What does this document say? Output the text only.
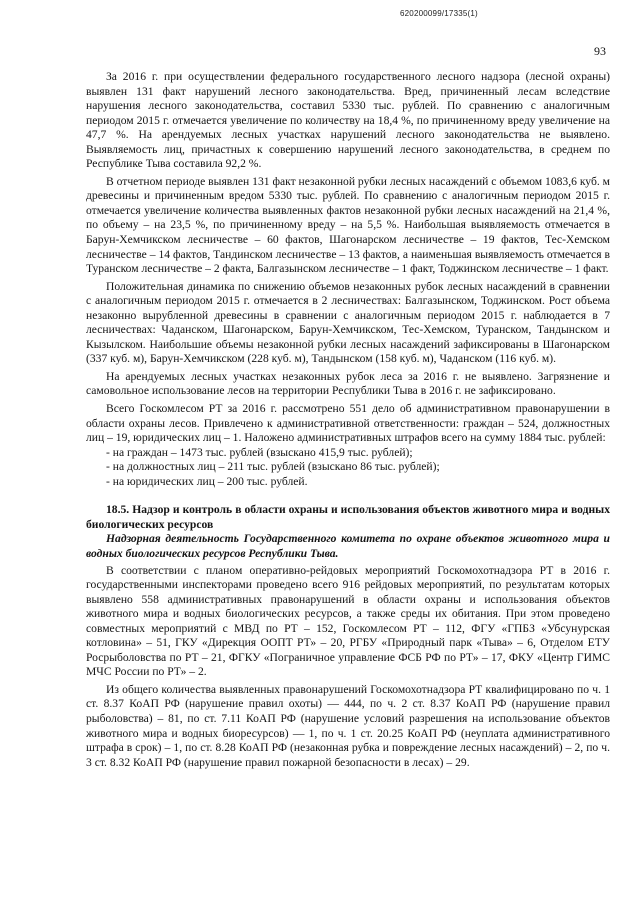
620200099/17335(1)
93

За 2016 г. при осуществлении федерального государственного лесного надзора (лесной охраны) выявлен 131 факт нарушений лесного законодательства. Вред, причиненный лесам вследствие нарушения лесного законодательства, составил 5330 тыс. рублей. По сравнению с аналогичным периодом 2015 г. отмечается увеличение по количеству на 18,4 %, по причиненному вреду увеличение на 47,7 %. На арендуемых лесных участках нарушений лесного законодательства не выявлено. Выявляемость лиц, причастных к совершению нарушений лесного законодательства, в среднем по Республике Тыва составила 92,2 %.

В отчетном периоде выявлен 131 факт незаконной рубки лесных насаждений с объемом 1083,6 куб. м древесины и причиненным вредом 5330 тыс. рублей. По сравнению с аналогичным периодом 2015 г. отмечается увеличение количества выявленных фактов незаконной рубки лесных насаждений на 21,4 %, по объему – на 23,5 %, по причиненному вреду – на 5,5 %. Наибольшая выявляемость отмечается в Барун-Хемчикском лесничестве – 60 фактов, Шагонарском лесничестве – 19 фактов, Тес-Хемском лесничестве – 14 фактов, Тандинском лесничестве – 13 фактов, а наименьшая выявляемость отмечается в Туранском лесничестве – 2 факта, Балгазынском лесничестве – 1 факт, Тоджинском лесничестве – 1 факт.

Положительная динамика по снижению объемов незаконных рубок лесных насаждений в сравнении с аналогичным периодом 2015 г. отмечается в 2 лесничествах: Балгазынском, Тоджинском. Рост объема незаконно вырубленной древесины в сравнении с аналогичным периодом 2015 г. наблюдается в 7 лесничествах: Чаданском, Шагонарском, Барун-Хемчикском, Тес-Хемском, Туранском, Тандынском и Кызылском. Наибольшие объемы незаконной рубки лесных насаждений зафиксированы в Шагонарском (337 куб. м), Барун-Хемчикском (228 куб. м), Тандынском (158 куб. м), Чаданском (116 куб. м).

На арендуемых лесных участках незаконных рубок леса за 2016 г. не выявлено. Загрязнение и самовольное использование лесов на территории Республики Тыва в 2016 г. не зафиксировано.

Всего Госкомлесом РТ за 2016 г. рассмотрено 551 дело об административном правонарушении в области охраны лесов. Привлечено к административной ответственности: граждан – 524, должностных лиц – 19, юридических лиц – 1. Наложено административных штрафов всего на сумму 1884 тыс. рублей:

- на граждан – 1473 тыс. рублей (взыскано 415,9 тыс. рублей);
- на должностных лиц – 211 тыс. рублей (взыскано 86 тыс. рублей);
- на юридических лиц – 200 тыс. рублей.
18.5. Надзор и контроль в области охраны и использования объектов животного мира и водных биологических ресурсов
Надзорная деятельность Государственного комитета по охране объектов животного мира и водных биологических ресурсов Республики Тыва.

В соответствии с планом оперативно-рейдовых мероприятий Госкомохотнадзора РТ в 2016 г. государственными инспекторами проведено всего 916 рейдовых мероприятий, по результатам которых выявлено 558 административных правонарушений в области охраны и использования объектов животного мира и водных биологических ресурсов, а также среды их обитания. При этом проведено совместных мероприятий с МВД по РТ – 152, Госкомлесом РТ – 112, ФГУ «ГПБЗ «Убсунурская котловина» – 51, ГКУ «Дирекция ООПТ РТ» – 20, РГБУ «Природный парк «Тыва» – 6, Отделом ЕТУ Росрыболовства по РТ – 21, ФГКУ «Пограничное управление ФСБ РФ по РТ» – 17, ФКУ «Центр ГИМС МЧС России по РТ» – 2.

Из общего количества выявленных правонарушений Госкомохотнадзора РТ квалифицировано по ч. 1 ст. 8.37 КоАП РФ (нарушение правил охоты) — 444, по ч. 2 ст. 8.37 КоАП РФ (нарушение правил рыболовства) – 81, по ст. 7.11 КоАП РФ (нарушение условий разрешения на использование объектов животного мира и водных биоресурсов) — 1, по ч. 1 ст. 20.25 КоАП РФ (неуплата административного штрафа в срок) – 1, по ст. 8.28 КоАП РФ (незаконная рубка и повреждение лесных насаждений) – 2, по ч. 3 ст. 8.32 КоАП РФ (нарушение правил пожарной безопасности в лесах) – 29.
